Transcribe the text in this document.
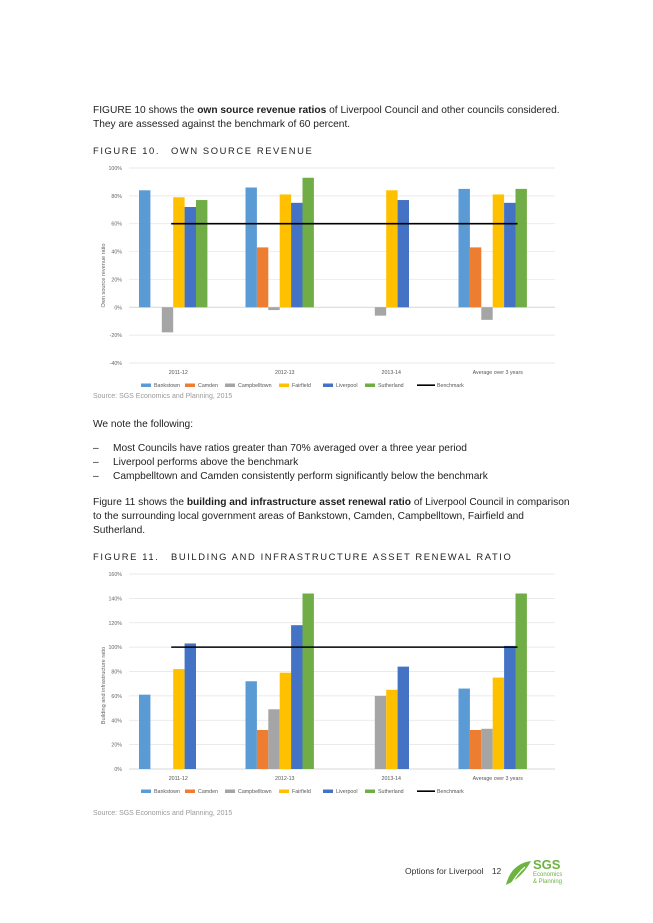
FIGURE 10 shows the own source revenue ratios of Liverpool Council and other councils considered.
They are assessed against the benchmark of 60 percent.
FIGURE 10. OWN SOURCE REVENUE
-40%
-20%
0%
20%
40%
60%
80%
100%
Own source revenue ratio
2011-12	2012-13	2013-14	Average over 3 years
Bankstown	Camden	Campbelltown	Fairfield	Liverpool	Sutherland	Benchmark
Source: SGS Economics and Planning, 2015
We note the following:
– Most Councils have ratios greater than 70% averaged over a three year period
– Liverpool performs above the benchmark
– Campbelltown and Camden consistently perform significantly below the benchmark
Figure 11 shows the building and infrastructure asset renewal ratio of Liverpool Council in comparison
to the surrounding local government areas of Bankstown, Camden, Campbelltown, Fairfield and
Sutherland.
FIGURE 11. BUILDING AND INFRASTRUCTURE ASSET RENEWAL RATIO
0%
20%
40%
60%
80%
100%
120%
140%
160%
Building and infrastructure ratio
2011-12	2012-13	2013-14	Average over 3 years
Bankstown	Camden	Campbelltown	Fairfield	Liverpool	Sutherland	Benchmark
Source: SGS Economics and Planning, 2015
Options for Liverpool 12 SGS
Economics
& Planning
